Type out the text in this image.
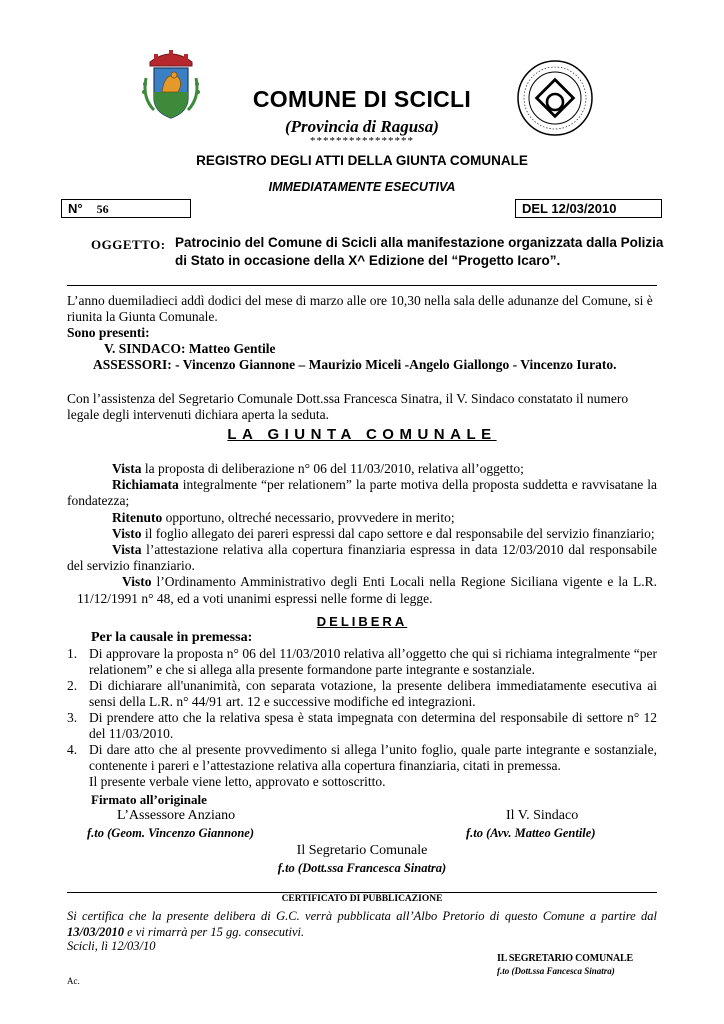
COMUNE DI SCICLI
(Provincia di Ragusa)
****************
REGISTRO DEGLI ATTI DELLA GIUNTA COMUNALE
IMMEDIATAMENTE ESECUTIVA
N° 56	DEL 12/03/2010
OGGETTO: Patrocinio del Comune di Scicli alla manifestazione organizzata dalla Polizia di Stato in occasione della X^ Edizione del “Progetto Icaro”.

L’anno duemiladieci addì dodici del mese di marzo alle ore 10,30 nella sala delle adunanze del Comune, si è riunita la Giunta Comunale.

Sono presenti:
V. SINDACO: Matteo Gentile
ASSESSORI: - Vincenzo Giannone – Maurizio Miceli -Angelo Giallongo - Vincenzo Iurato.

Con l’assistenza del Segretario Comunale Dott.ssa Francesca Sinatra, il V. Sindaco constatato il numero legale degli intervenuti dichiara aperta la seduta.

LA GIUNTA COMUNALE

Vista la proposta di deliberazione n° 06 del 11/03/2010, relativa all’oggetto;

Richiamata integralmente “per relationem” la parte motiva della proposta suddetta e ravvisatane la fondatezza;

Ritenuto opportuno, oltreché necessario, provvedere in merito;

Visto il foglio allegato dei pareri espressi dal capo settore e dal responsabile del servizio finanziario;

Vista l’attestazione relativa alla copertura finanziaria espressa in data 12/03/2010 dal responsabile del servizio finanziario.

Visto l’Ordinamento Amministrativo degli Enti Locali nella Regione Siciliana vigente e la L.R. 11/12/1991 n° 48, ed a voti unanimi espressi nelle forme di legge.

DELIBERA
Per la causale in premessa:
1. Di approvare la proposta n° 06 del 11/03/2010 relativa all’oggetto che qui si richiama integralmente “per relationem” e che si allega alla presente formandone parte integrante e sostanziale.
2. Di dichiarare all'unanimità, con separata votazione, la presente delibera immediatamente esecutiva ai sensi della L.R. n° 44/91 art. 12 e successive modifiche ed integrazioni.
3. Di prendere atto che la relativa spesa è stata impegnata con determina del responsabile di settore n° 12 del 11/03/2010.
4. Di dare atto che al presente provvedimento si allega l’unito foglio, quale parte integrante e sostanziale, contenente i pareri e l’attestazione relativa alla copertura finanziaria, citati in premessa.
Il presente verbale viene letto, approvato e sottoscritto.
Firmato all’originale
L’Assessore Anziano	Il V. Sindaco
f.to (Geom. Vincenzo Giannone)	f.to (Avv. Matteo Gentile)
Il Segretario Comunale
f.to (Dott.ssa Francesca Sinatra)
CERTIFICATO DI PUBBLICAZIONE
Si certifica che la presente delibera di G.C. verrà pubblicata all’Albo Pretorio di questo Comune a partire dal 13/03/2010 e vi rimarrà per 15 gg. consecutivi.
Scicli, lì 12/03/10
IL SEGRETARIO COMUNALE
f.to (Dott.ssa Fancesca Sinatra)
Ac.
